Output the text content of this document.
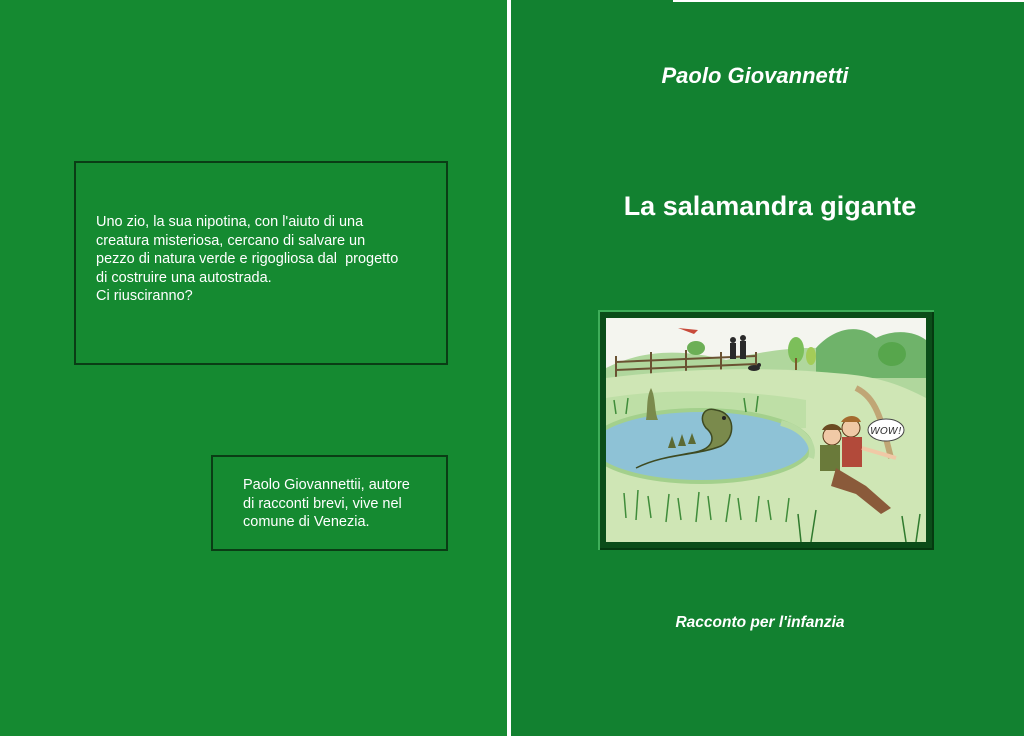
Uno zio, la sua nipotina, con l'aiuto di una
creatura misteriosa, cercano di salvare un
pezzo di natura verde e rigogliosa dal  progetto
di costruire una autostrada.
Ci riusciranno?
Paolo Giovannettii, autore
di racconti brevi, vive nel
comune di Venezia.
Paolo Giovannetti
La salamandra gigante
WOW!
Racconto per l'infanzia
